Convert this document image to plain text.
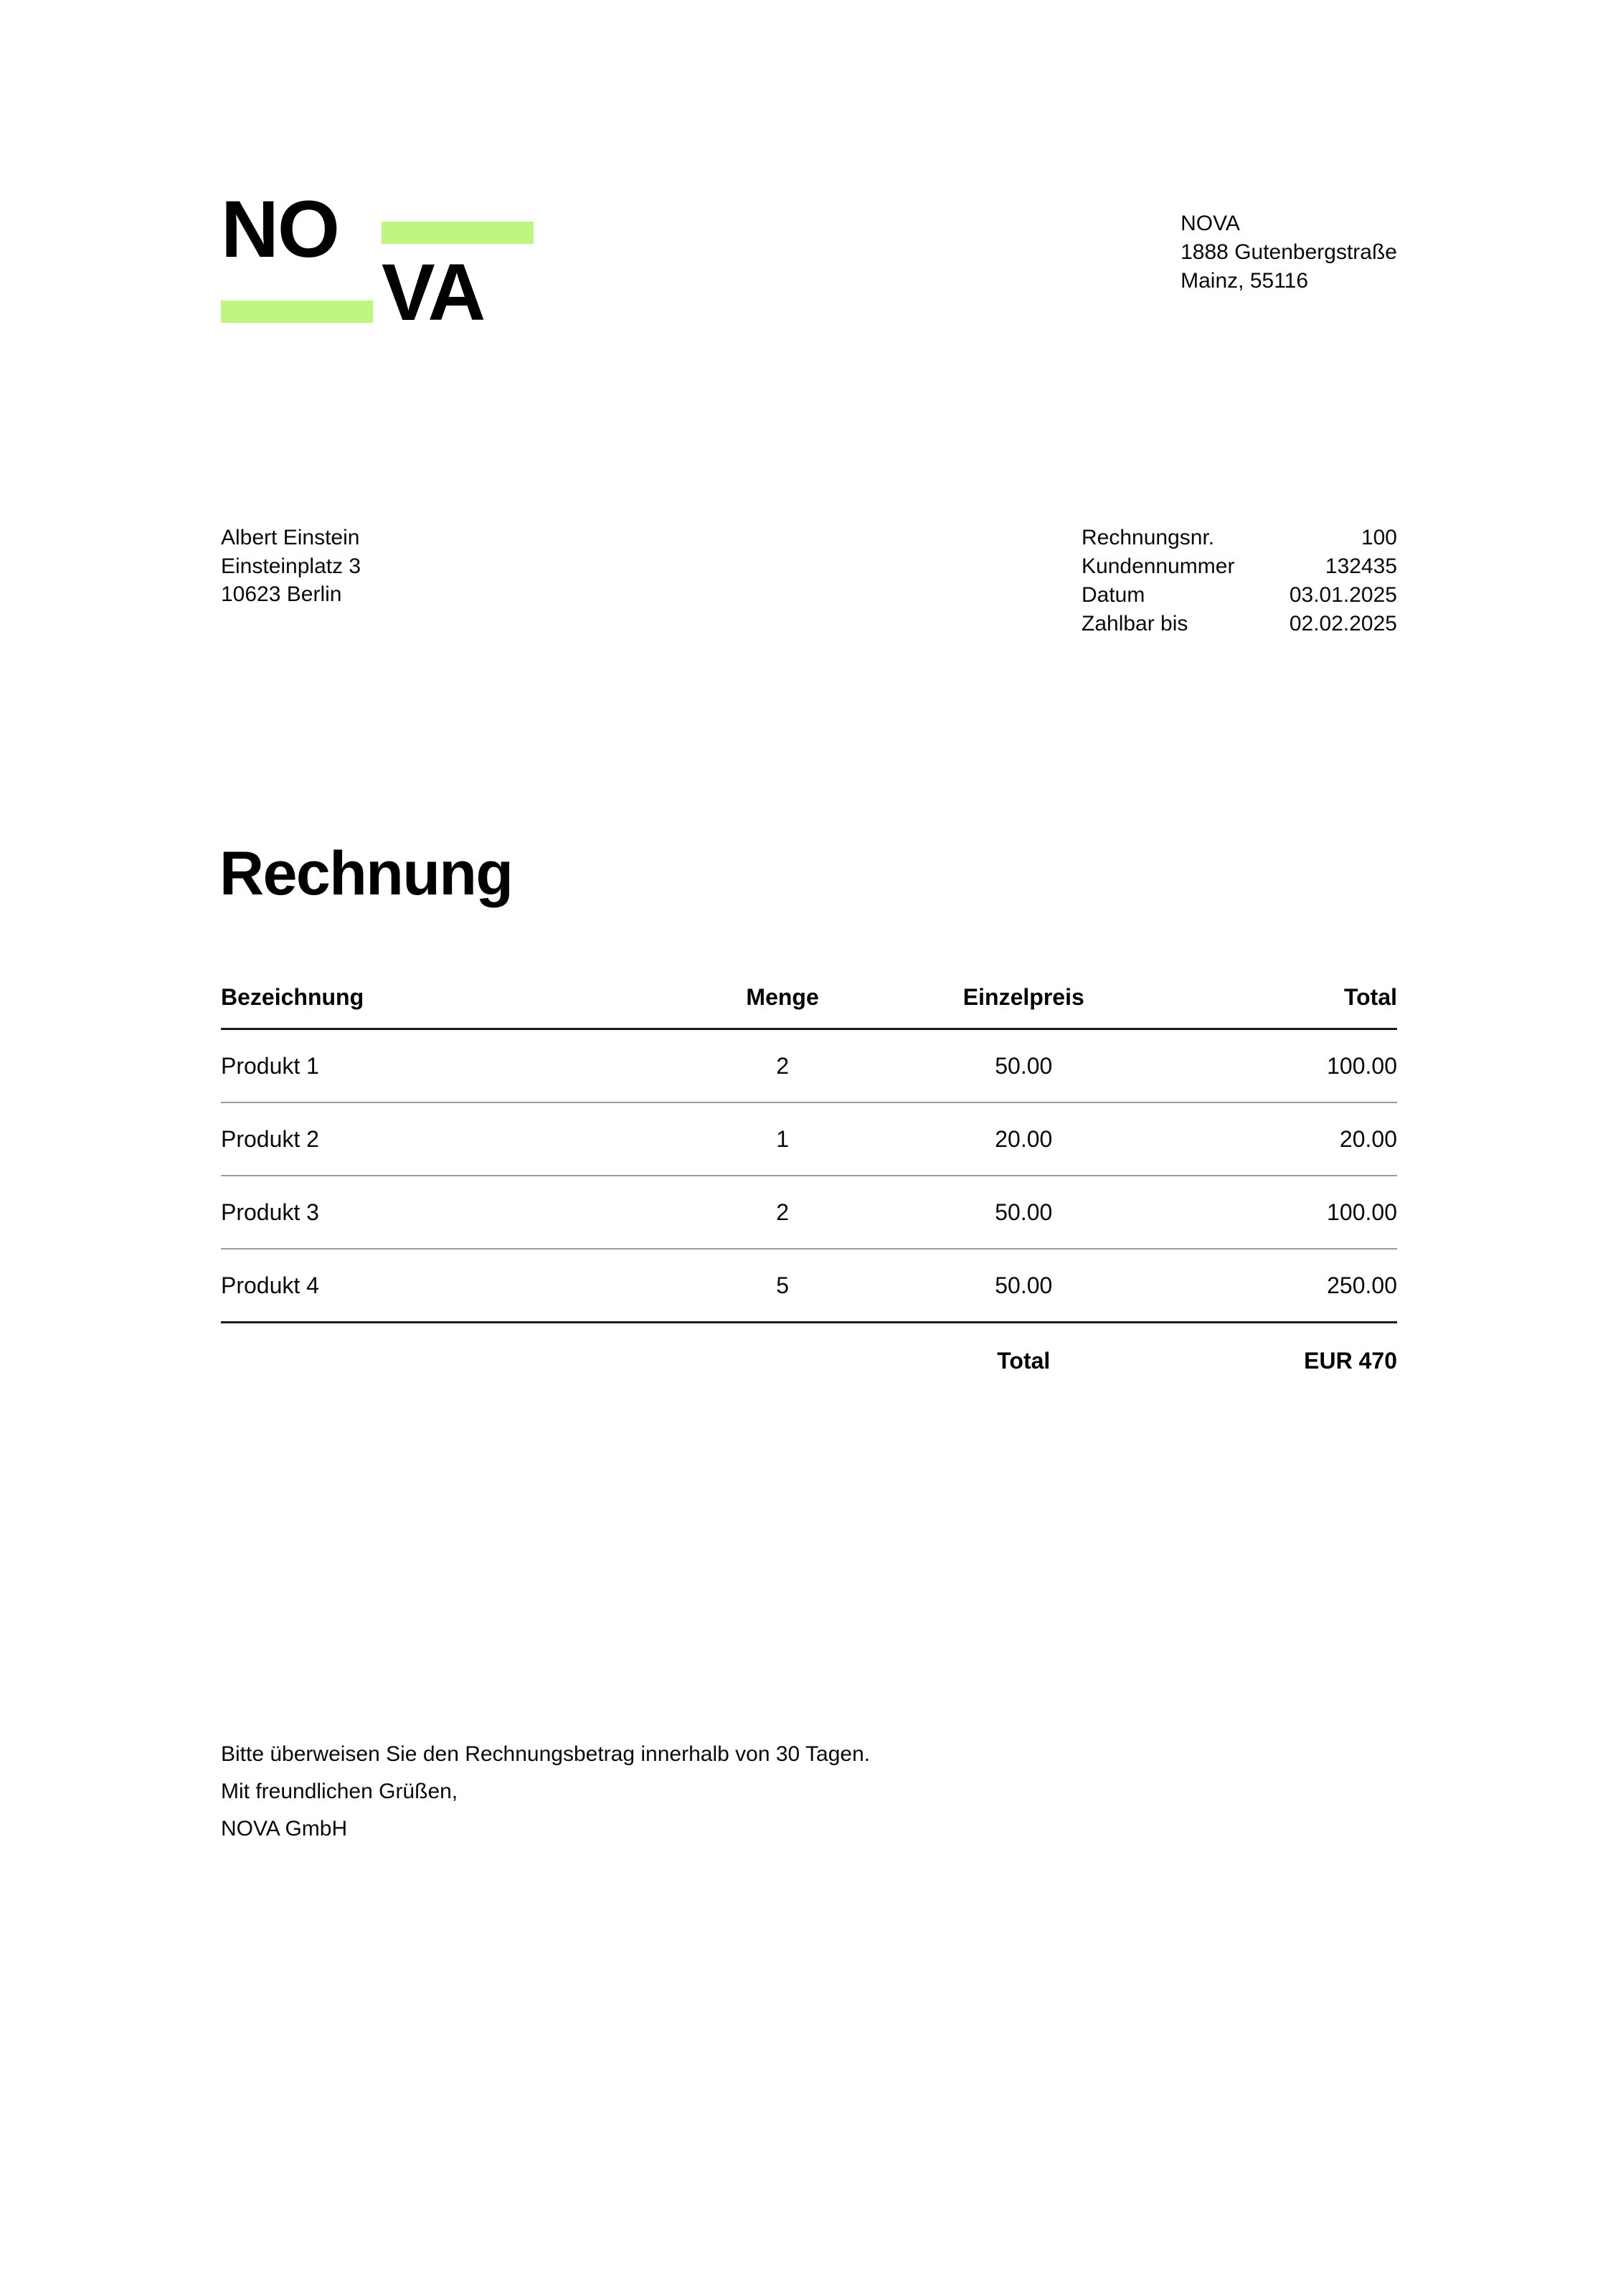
NO
VA
NOVA
1888 Gutenbergstraße
Mainz, 55116
Albert Einstein
Einsteinplatz 3
10623 Berlin
Rechnungsnr.	100
Kundennummer	132435
Datum	03.01.2025
Zahlbar bis	02.02.2025
Rechnung
Bezeichnung	Menge	Einzelpreis	Total
Produkt 1	2	50.00	100.00
Produkt 2	1	20.00	20.00
Produkt 3	2	50.00	100.00
Produkt 4	5	50.00	250.00
		Total	EUR 470
Bitte überweisen Sie den Rechnungsbetrag innerhalb von 30 Tagen.
Mit freundlichen Grüßen,
NOVA GmbH
